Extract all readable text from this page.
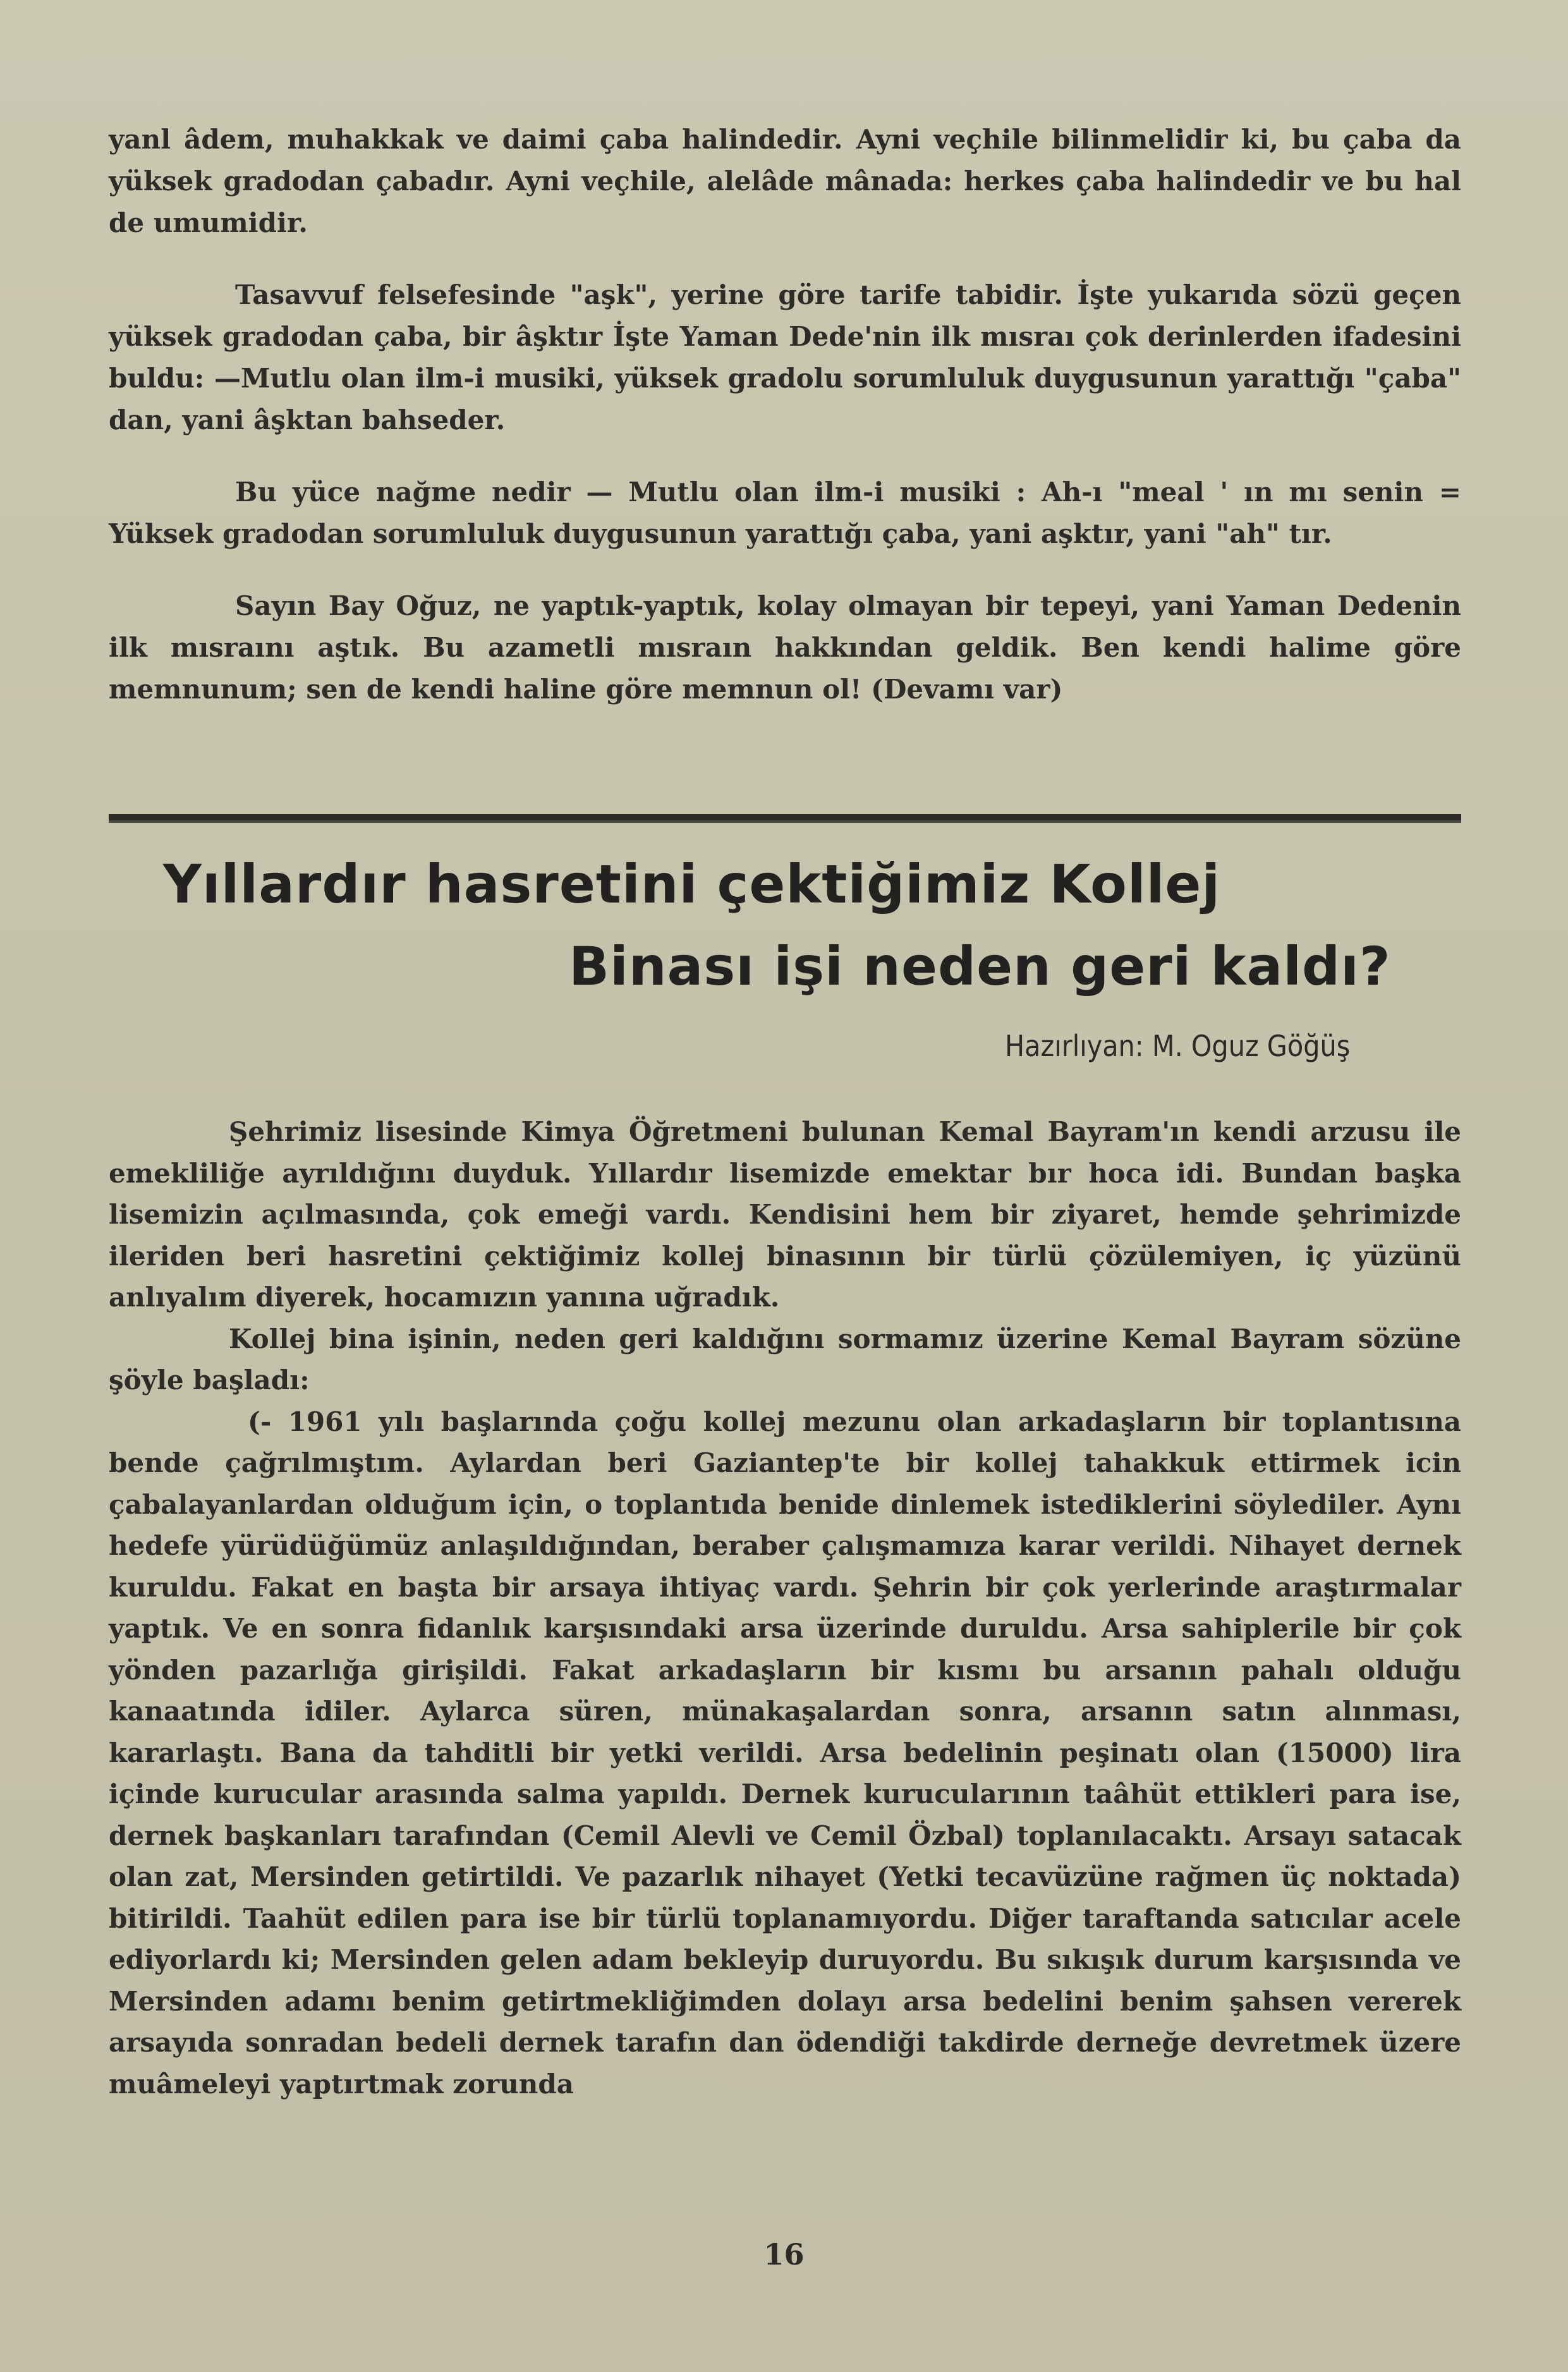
yanl âdem, muhakkak ve daimi çaba halindedir. Ayni veçhile bilinmelidir ki, bu çaba da yüksek gradodan çabadır. Ayni veçhile, alelâde mânada: herkes çaba halindedir ve bu hal de umumidir.

Tasavvuf felsefesinde "aşk", yerine göre tarife tabidir. İşte yukarıda sözü geçen yüksek gradodan çaba, bir âşktır İşte Yaman Dede'nin ilk mısraı çok derinlerden ifadesini buldu: —Mutlu olan ilm-i musiki, yüksek gradolu sorumluluk duygusunun yarattığı "çaba" dan, yani âşktan bahseder.

Bu yüce nağme nedir — Mutlu olan ilm-i musiki : Ah-ı "meal ' ın mı senin = Yüksek gradodan sorumluluk duygusunun yarattığı çaba, yani aşktır, yani "ah" tır.

Sayın Bay Oğuz, ne yaptık-yaptık, kolay olmayan bir tepeyi, yani Yaman Dedenin ilk mısraını aştık. Bu azametli mısraın hakkından geldik. Ben kendi halime göre memnunum; sen de kendi haline göre memnun ol! (Devamı var)

Yıllardır hasretini çektiğimiz Kollej
Binası işi neden geri kaldı?

Hazırlıyan: M. Oguz Göğüş

Şehrimiz lisesinde Kimya Öğretmeni bulunan Kemal Bayram'ın kendi arzusu ile emekliliğe ayrıldığını duyduk. Yıllardır lisemizde emektar bır hoca idi. Bundan başka lisemizin açılmasında, çok emeği vardı. Kendisini hem bir ziyaret, hemde şehrimizde ileriden beri hasretini çektiğimiz kollej binasının bir türlü çözülemiyen, iç yüzünü anlıyalım diyerek, hocamızın yanına uğradık.

Kollej bina işinin, neden geri kaldığını sormamız üzerine Kemal Bayram sözüne şöyle başladı:

(- 1961 yılı başlarında çoğu kollej mezunu olan arkadaşların bir toplantısına bende çağrılmıştım. Aylardan beri Gaziantep'te bir kollej tahakkuk ettirmek icin çabalayanlardan olduğum için, o toplantıda benide dinlemek istediklerini söylediler. Aynı hedefe yürüdüğümüz anlaşıldığından, beraber çalışmamıza karar verildi. Nihayet dernek kuruldu. Fakat en başta bir arsaya ihtiyaç vardı. Şehrin bir çok yerlerinde araştırmalar yaptık. Ve en sonra fidanlık karşısındaki arsa üzerinde duruldu. Arsa sahiplerile bir çok yönden pazarlığa girişildi. Fakat arkadaşların bir kısmı bu arsanın pahalı olduğu kanaatında idiler. Aylarca süren, münakaşalardan sonra, arsanın satın alınması, kararlaştı. Bana da tahditli bir yetki verildi. Arsa bedelinin peşinatı olan (15000) lira içinde kurucular arasında salma yapıldı. Dernek kurucularının taâhüt ettikleri para ise, dernek başkanları tarafından (Cemil Alevli ve Cemil Özbal) toplanılacaktı. Arsayı satacak olan zat, Mersinden getirtildi. Ve pazarlık nihayet (Yetki tecavüzüne rağmen üç noktada) bitirildi. Taahüt edilen para ise bir türlü toplanamıyordu. Diğer taraftanda satıcılar acele ediyorlardı ki; Mersinden gelen adam bekleyip duruyordu. Bu sıkışık durum karşısında ve Mersinden adamı benim getirtmekliğimden dolayı arsa bedelini benim şahsen vererek arsayıda sonradan bedeli dernek tarafın dan ödendiği takdirde derneğe devretmek üzere muâmeleyi yaptırtmak zorunda

16
